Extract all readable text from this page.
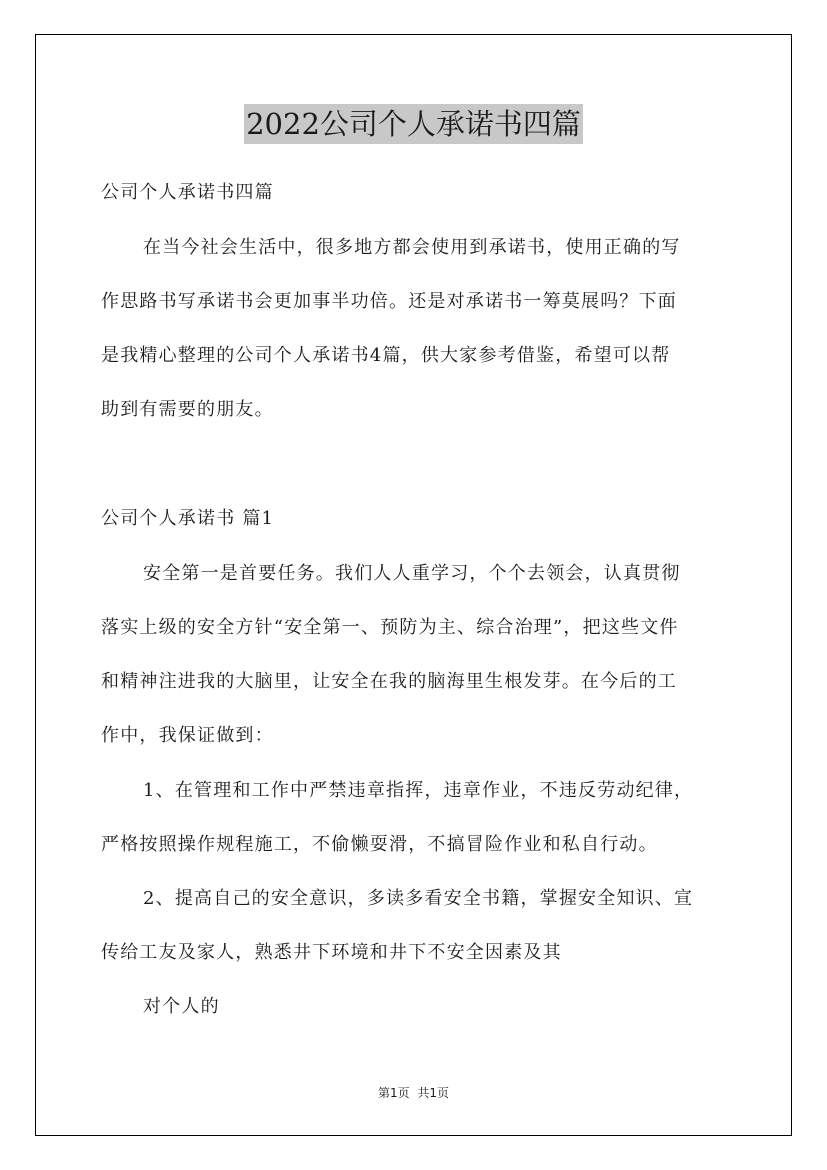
2022公司个人承诺书四篇
公司个人承诺书四篇
在当今社会生活中，很多地方都会使用到承诺书，使用正确的写
作思路书写承诺书会更加事半功倍。还是对承诺书一筹莫展吗？下面
是我精心整理的公司个人承诺书4篇，供大家参考借鉴，希望可以帮
助到有需要的朋友。
公司个人承诺书 篇1
安全第一是首要任务。我们人人重学习，个个去领会，认真贯彻
落实上级的安全方针“安全第一、预防为主、综合治理”，把这些文件
和精神注进我的大脑里，让安全在我的脑海里生根发芽。在今后的工
作中，我保证做到：
1、在管理和工作中严禁违章指挥，违章作业，不违反劳动纪律，
严格按照操作规程施工，不偷懒耍滑，不搞冒险作业和私自行动。
2、提高自己的安全意识，多读多看安全书籍，掌握安全知识、宣
传给工友及家人，熟悉井下环境和井下不安全因素及其
对个人的
第1页 共1页
